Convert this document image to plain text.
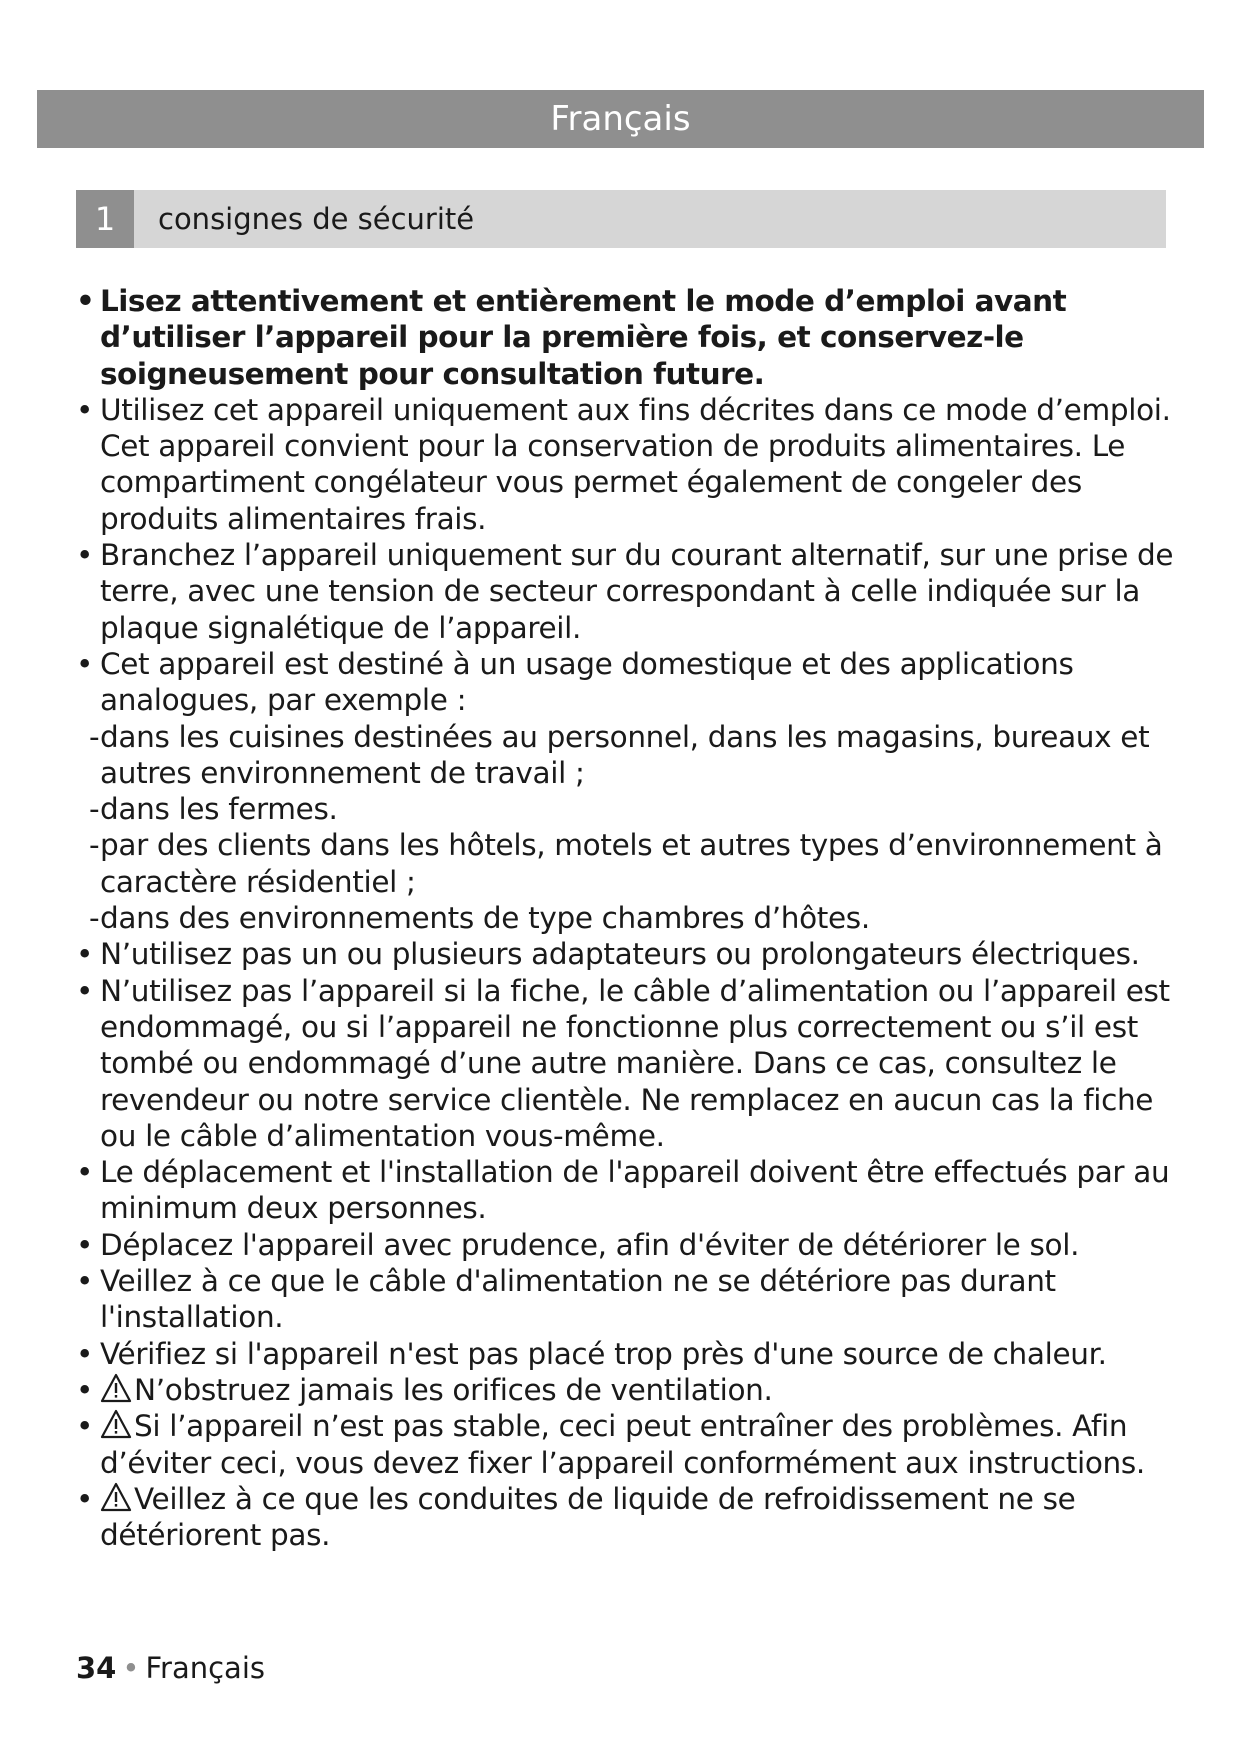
Français
1	consignes de sécurité
• Lisez attentivement et entièrement le mode d’emploi avant d’utiliser l’appareil pour la première fois, et conservez-le soigneusement pour consultation future.
• Utilisez cet appareil uniquement aux fins décrites dans ce mode d’emploi. Cet appareil convient pour la conservation de produits alimentaires. Le compartiment congélateur vous permet également de congeler des produits alimentaires frais.
• Branchez l’appareil uniquement sur du courant alternatif, sur une prise de terre, avec une tension de secteur correspondant à celle indiquée sur la plaque signalétique de l’appareil.
• Cet appareil est destiné à un usage domestique et des applications analogues, par exemple :
- dans les cuisines destinées au personnel, dans les magasins, bureaux et autres environnement de travail ;
- dans les fermes.
- par des clients dans les hôtels, motels et autres types d’environnement à caractère résidentiel ;
- dans des environnements de type chambres d’hôtes.
• N’utilisez pas un ou plusieurs adaptateurs ou prolongateurs électriques.
• N’utilisez pas l’appareil si la fiche, le câble d’alimentation ou l’appareil est endommagé, ou si l’appareil ne fonctionne plus correctement ou s’il est tombé ou endommagé d’une autre manière. Dans ce cas, consultez le revendeur ou notre service clientèle. Ne remplacez en aucun cas la fiche ou le câble d’alimentation vous-même.
• Le déplacement et l'installation de l'appareil doivent être effectués par au minimum deux personnes.
• Déplacez l'appareil avec prudence, afin d'éviter de détériorer le sol.
• Veillez à ce que le câble d'alimentation ne se détériore pas durant l'installation.
• Vérifiez si l'appareil n'est pas placé trop près d'une source de chaleur.
• N’obstruez jamais les orifices de ventilation.
• Si l’appareil n’est pas stable, ceci peut entraîner des problèmes. Afin d’éviter ceci, vous devez fixer l’appareil conformément aux instructions.
• Veillez à ce que les conduites de liquide de refroidissement ne se détériorent pas.
34 • Français
